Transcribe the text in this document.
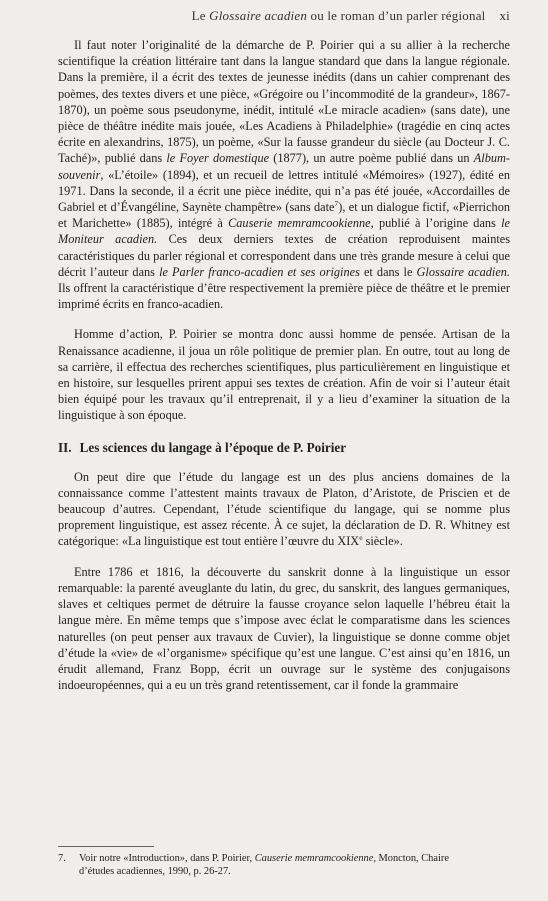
Le Glossaire acadien ou le roman d’un parler régional xi

Il faut noter l’originalité de la démarche de P. Poirier qui a su allier à la recherche scientifique la création littéraire tant dans la langue standard que dans la langue régionale. Dans la première, il a écrit des textes de jeunesse inédits (dans un cahier comprenant des poèmes, des textes divers et une pièce, «Grégoire ou l’incommodité de la grandeur», 1867-1870), un poème sous pseudonyme, inédit, intitulé «Le miracle acadien» (sans date), une pièce de théâtre inédite mais jouée, «Les Acadiens à Philadelphie» (tragédie en cinq actes écrite en alexandrins, 1875), un poème, «Sur la fausse grandeur du siècle (au Docteur J. C. Taché)», publié dans le Foyer domestique (1877), un autre poème publié dans un Album-souvenir, «L’étoile» (1894), et un recueil de lettres intitulé «Mémoires» (1927), édité en 1971. Dans la seconde, il a écrit une pièce inédite, qui n’a pas été jouée, «Accordailles de Gabriel et d’Évangéline, Saynète champêtre» (sans date$^7$), et un dialogue fictif, «Pierrichon et Marichette» (1885), intégré à Causerie memramcookienne, publié à l’origine dans le Moniteur acadien. Ces deux derniers textes de création reproduisent maintes caractéristiques du parler régional et correspondent dans une très grande mesure à celui que décrit l’auteur dans le Parler franco-acadien et ses origines et dans le Glossaire acadien. Ils offrent la caractéristique d’être respectivement la première pièce de théâtre et le premier imprimé écrits en franco-acadien.

Homme d’action, P. Poirier se montra donc aussi homme de pensée. Artisan de la Renaissance acadienne, il joua un rôle politique de premier plan. En outre, tout au long de sa carrière, il effectua des recherches scientifiques, plus particulièrement en linguistique et en histoire, sur lesquelles prirent appui ses textes de création. Afin de voir si l’auteur était bien équipé pour les travaux qu’il entreprenait, il y a lieu d’examiner la situation de la linguistique à son époque.

II. Les sciences du langage à l’époque de P. Poirier

On peut dire que l’étude du langage est un des plus anciens domaines de la connaissance comme l’attestent maints travaux de Platon, d’Aristote, de Priscien et de beaucoup d’autres. Cependant, l’étude scientifique du langage, qui se nomme plus proprement linguistique, est assez récente. À ce sujet, la déclaration de D. R. Whitney est catégorique: «La linguistique est tout entière l’œuvre du XIXe siècle».

Entre 1786 et 1816, la découverte du sanskrit donne à la linguistique un essor remarquable: la parenté aveuglante du latin, du grec, du sanskrit, des langues germaniques, slaves et celtiques permet de détruire la fausse croyance selon laquelle l’hébreu était la langue mère. En même temps que s’impose avec éclat le comparatisme dans les sciences naturelles (on peut penser aux travaux de Cuvier), la linguistique se donne comme objet d’étude la «vie» de «l’organisme» spécifique qu’est une langue. C’est ainsi qu’en 1816, un érudit allemand, Franz Bopp, écrit un ouvrage sur le système des conjugaisons indoeuropéennes, qui a eu un très grand retentissement, car il fonde la grammaire

7. Voir notre «Introduction», dans P. Poirier, Causerie memramcookienne, Moncton, Chaire
d’études acadiennes, 1990, p. 26-27.
